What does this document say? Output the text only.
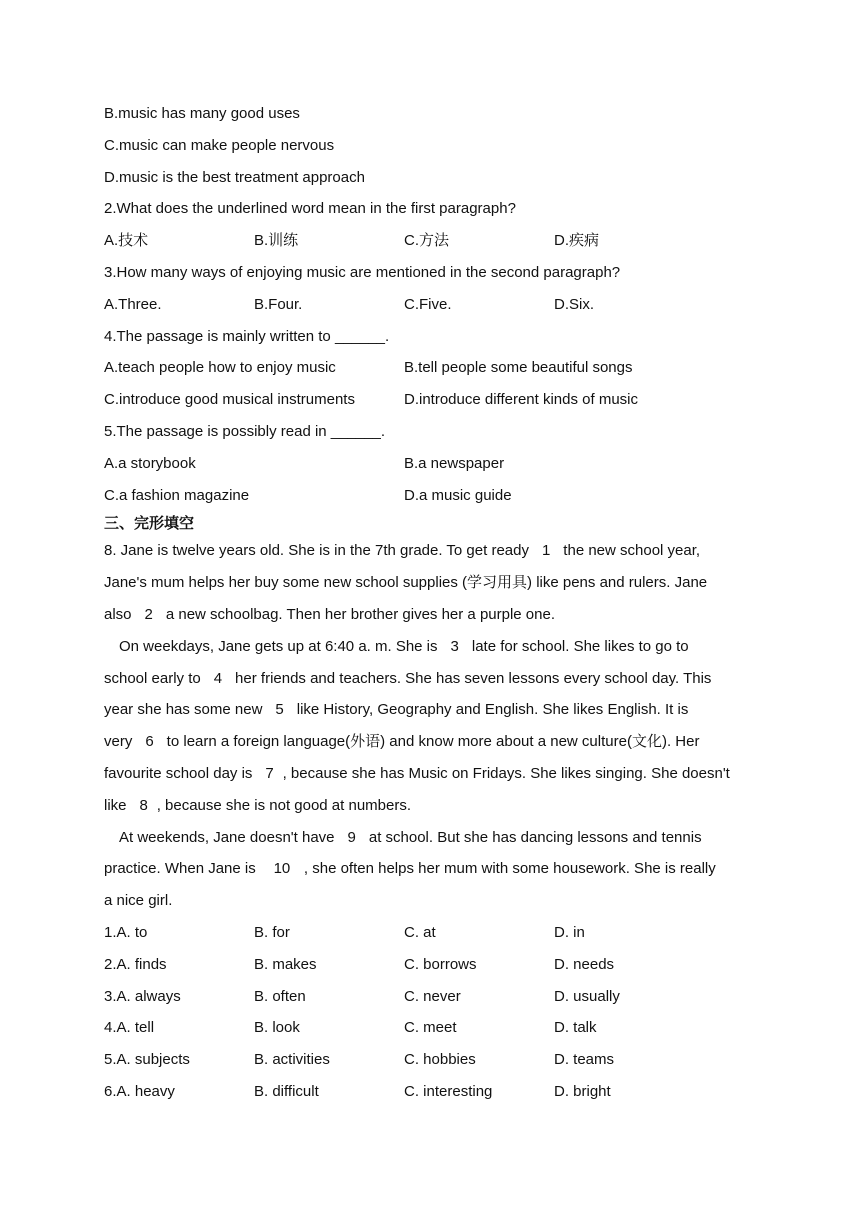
B.music has many good uses
C.music can make people nervous
D.music is the best treatment approach
2.What does the underlined word mean in the first paragraph?
A.技术	B.训练	C.方法	D.疾病
3.How many ways of enjoying music are mentioned in the second paragraph?
A.Three.	B.Four.	C.Five.	D.Six.
4.The passage is mainly written to ______.
A.teach people how to enjoy music	B.tell people some beautiful songs
C.introduce good musical instruments	D.introduce different kinds of music
5.The passage is possibly read in ______.
A.a storybook	B.a newspaper
C.a fashion magazine	D.a music guide
三、完形填空
8. Jane is twelve years old. She is in the 7th grade. To get ready 1 the new school year,
Jane's mum helps her buy some new school supplies (学习用具) like pens and rulers. Jane
also 2 a new schoolbag. Then her brother gives her a purple one.
On weekdays, Jane gets up at 6:40 a. m. She is 3 late for school. She likes to go to
school early to 4 her friends and teachers. She has seven lessons every school day. This
year she has some new 5 like History, Geography and English. She likes English. It is
very 6 to learn a foreign language(外语) and know more about a new culture(文化). Her
favourite school day is 7 , because she has Music on Fridays. She likes singing. She doesn't
like 8 , because she is not good at numbers.
At weekends, Jane doesn't have 9 at school. But she has dancing lessons and tennis
practice. When Jane is 10 , she often helps her mum with some housework. She is really
a nice girl.
1.A. to	B. for	C. at	D. in
2.A. finds	B. makes	C. borrows	D. needs
3.A. always	B. often	C. never	D. usually
4.A. tell	B. look	C. meet	D. talk
5.A. subjects	B. activities	C. hobbies	D. teams
6.A. heavy	B. difficult	C. interesting	D. bright
